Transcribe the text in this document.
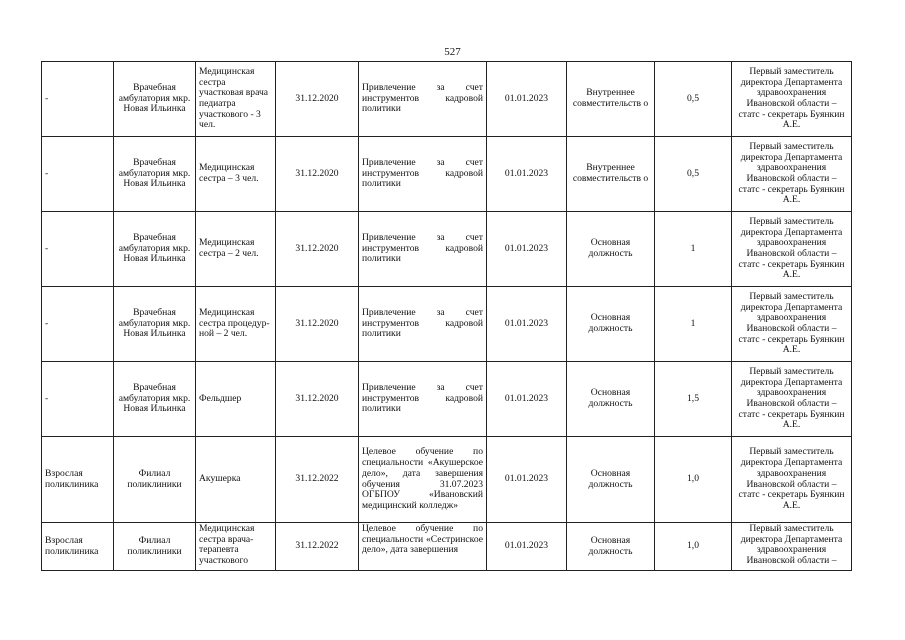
527
-	Врачебная амбулатория мкр. Новая Ильинка	Медицинская сестра участковая врача педиатра участкового - 3 чел.	31.12.2020	Привлечение за счет инструментов кадровой политики	01.01.2023	Внутреннее совместительств о	0,5	Первый заместитель директора Департамента здравоохранения Ивановской области – статс - секретарь Буянкин А.Е.
-	Врачебная амбулатория мкр. Новая Ильинка	Медицинская сестра – 3 чел.	31.12.2020	Привлечение за счет инструментов кадровой политики	01.01.2023	Внутреннее совместительств о	0,5	Первый заместитель директора Департамента здравоохранения Ивановской области – статс - секретарь Буянкин А.Е.
-	Врачебная амбулатория мкр. Новая Ильинка	Медицинская сестра – 2 чел.	31.12.2020	Привлечение за счет инструментов кадровой политики	01.01.2023	Основная должность	1	Первый заместитель директора Департамента здравоохранения Ивановской области – статс - секретарь Буянкин А.Е.
-	Врачебная амбулатория мкр. Новая Ильинка	Медицинская сестра процедур-ной – 2 чел.	31.12.2020	Привлечение за счет инструментов кадровой политики	01.01.2023	Основная должность	1	Первый заместитель директора Департамента здравоохранения Ивановской области – статс - секретарь Буянкин А.Е.
-	Врачебная амбулатория мкр. Новая Ильинка	Фельдшер	31.12.2020	Привлечение за счет инструментов кадровой политики	01.01.2023	Основная должность	1,5	Первый заместитель директора Департамента здравоохранения Ивановской области – статс - секретарь Буянкин А.Е.
Взрослая поликлиника	Филиал поликлиники	Акушерка	31.12.2022	Целевое обучение по специальности «Акушерское дело», дата завершения обучения 31.07.2023 ОГБПОУ «Ивановский медицинский колледж»	01.01.2023	Основная должность	1,0	Первый заместитель директора Департамента здравоохранения Ивановской области – статс - секретарь Буянкин А.Е.
Взрослая поликлиника	Филиал поликлиники	Медицинская сестра врача-терапевта участкового	31.12.2022	Целевое обучение по специальности «Сестринское дело», дата завершения	01.01.2023	Основная должность	1,0	Первый заместитель директора Департамента здравоохранения Ивановской области –
